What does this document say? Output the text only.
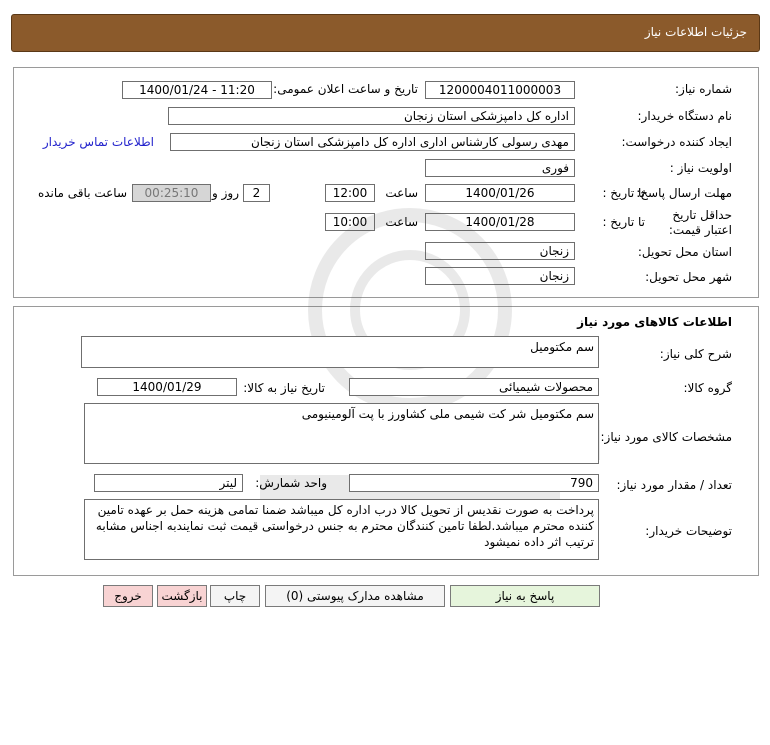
جزئیات اطلاعات نیاز
شماره نیاز:
1200004011000003
تاریخ و ساعت اعلان عمومی:
1400/01/24 - 11:20
نام دستگاه خریدار:
اداره کل دامپزشکی استان زنجان
ایجاد کننده درخواست:
مهدی رسولی کارشناس اداری اداره کل دامپزشکی استان زنجان
اطلاعات تماس خریدار
اولویت نیاز :
فوری
مهلت ارسال پاسخ:
تا تاریخ :
1400/01/26
ساعت
12:00
2
روز و
00:25:10
ساعت باقی مانده
حداقل تاریخ اعتبار قیمت:
تا تاریخ :
1400/01/28
ساعت
10:00
استان محل تحویل:
زنجان
شهر محل تحویل:
زنجان
اطلاعات کالاهای مورد نیاز
شرح کلی نیاز:
سم مکتومیل
گروه کالا:
محصولات شیمیائی
تاریخ نیاز به کالا:
1400/01/29
مشخصات کالای مورد نیاز:
سم مکتومیل شر کت شیمی ملی کشاورز با پت آلومینیومی
تعداد / مقدار مورد نیاز:
790
واحد شمارش:
لیتر
توضیحات خریدار:
پرداخت به صورت نقدیس از تحویل کالا درب اداره کل میباشد ضمنا تمامی هزینه حمل بر عهده تامین کننده محترم میباشد.لطفا تامین کنندگان محترم به جنس درخواستی قیمت ثبت نمایندبه اجناس مشابه ترتیب اثر داده نمیشود
پاسخ به نیاز
مشاهده مدارک پیوستی (0)
چاپ
بازگشت
خروج
